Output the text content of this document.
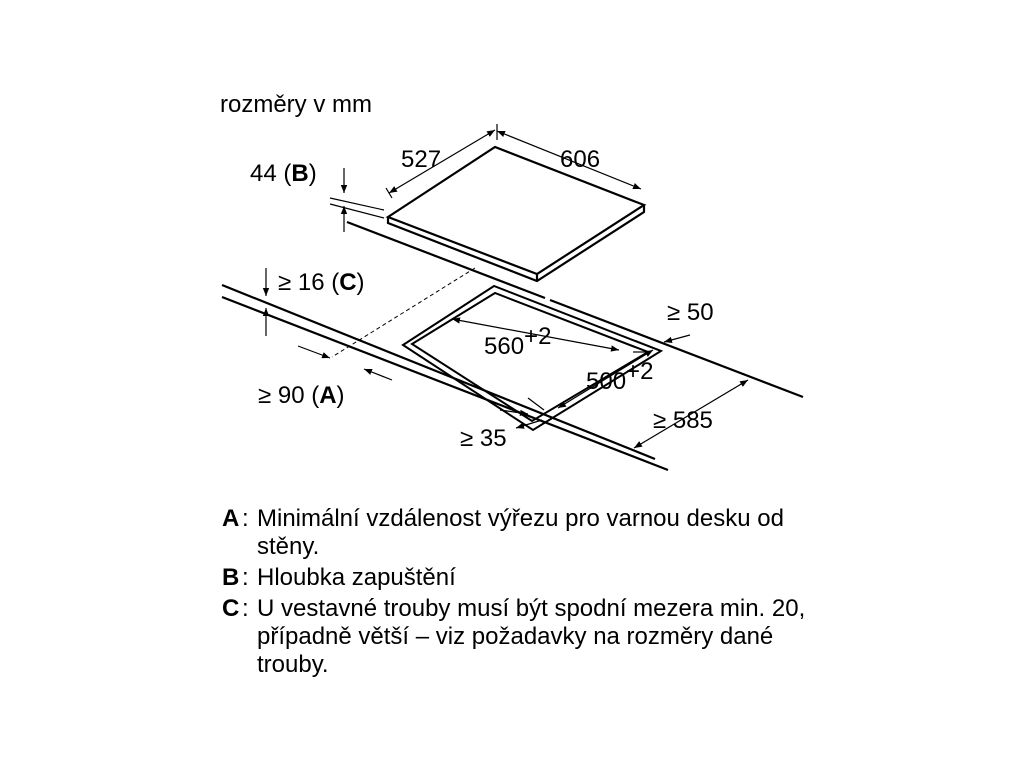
rozměry v mm
527	606
44 (B)
≥ 16 (C)
≥ 90 (A)
≥ 50
560+2
500+2
≥ 585
≥ 35

A : Minimální vzdálenost výřezu pro varnou desku od stěny.

B : Hloubka zapuštění

C : U vestavné trouby musí být spodní mezera min. 20, případně větší – viz požadavky na rozměry dané trouby.
